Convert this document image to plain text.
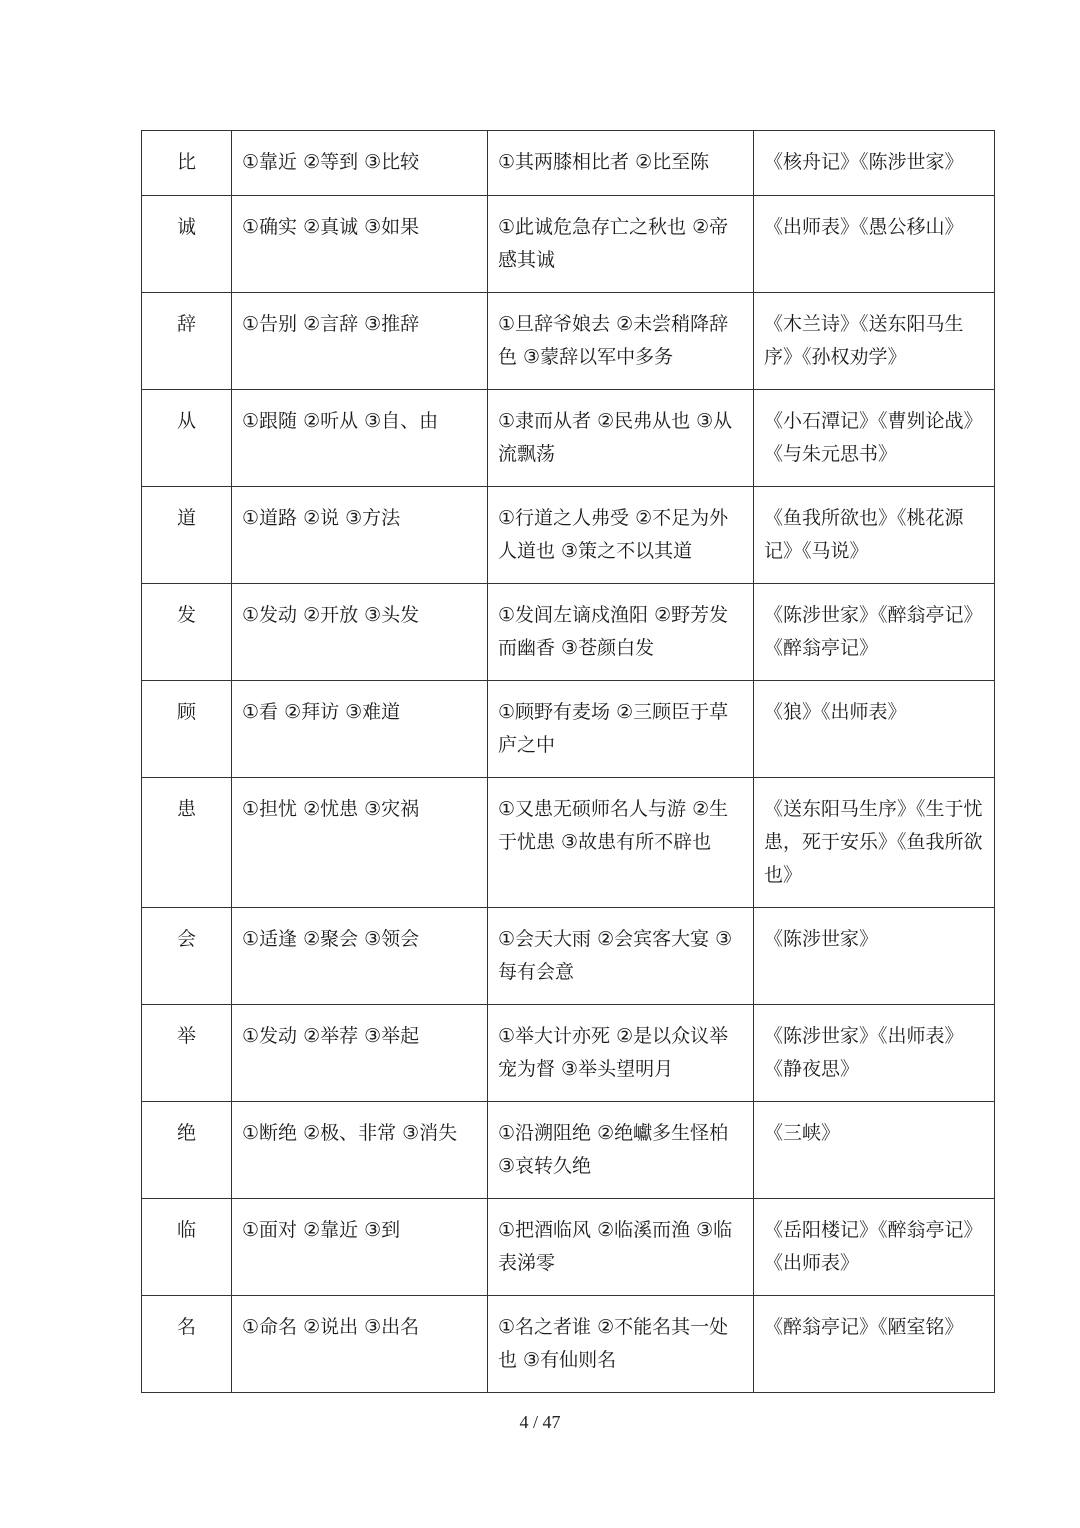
比	①靠近 ②等到 ③比较	①其两膝相比者 ②比至陈	《核舟记》《陈涉世家》
诚	①确实 ②真诚 ③如果	①此诚危急存亡之秋也 ②帝感其诚	《出师表》《愚公移山》
辞	①告别 ②言辞 ③推辞	①旦辞爷娘去 ②未尝稍降辞色 ③蒙辞以军中多务	《木兰诗》《送东阳马生序》《孙权劝学》
从	①跟随 ②听从 ③自、由	①隶而从者 ②民弗从也 ③从流飘荡	《小石潭记》《曹刿论战》《与朱元思书》
道	①道路 ②说 ③方法	①行道之人弗受 ②不足为外人道也 ③策之不以其道	《鱼我所欲也》《桃花源记》《马说》
发	①发动 ②开放 ③头发	①发闾左谪戍渔阳 ②野芳发而幽香 ③苍颜白发	《陈涉世家》《醉翁亭记》《醉翁亭记》
顾	①看 ②拜访 ③难道	①顾野有麦场 ②三顾臣于草庐之中	《狼》《出师表》
患	①担忧 ②忧患 ③灾祸	①又患无硕师名人与游 ②生于忧患 ③故患有所不辟也	《送东阳马生序》《生于忧患，死于安乐》《鱼我所欲也》
会	①适逢 ②聚会 ③领会	①会天大雨 ②会宾客大宴 ③每有会意	《陈涉世家》
举	①发动 ②举荐 ③举起	①举大计亦死 ②是以众议举宠为督 ③举头望明月	《陈涉世家》《出师表》《静夜思》
绝	①断绝 ②极、非常 ③消失	①沿溯阻绝 ②绝巘多生怪柏 ③哀转久绝	《三峡》
临	①面对 ②靠近 ③到	①把酒临风 ②临溪而渔 ③临表涕零	《岳阳楼记》《醉翁亭记》《出师表》
名	①命名 ②说出 ③出名	①名之者谁 ②不能名其一处也 ③有仙则名	《醉翁亭记》《陋室铭》
4 / 47
